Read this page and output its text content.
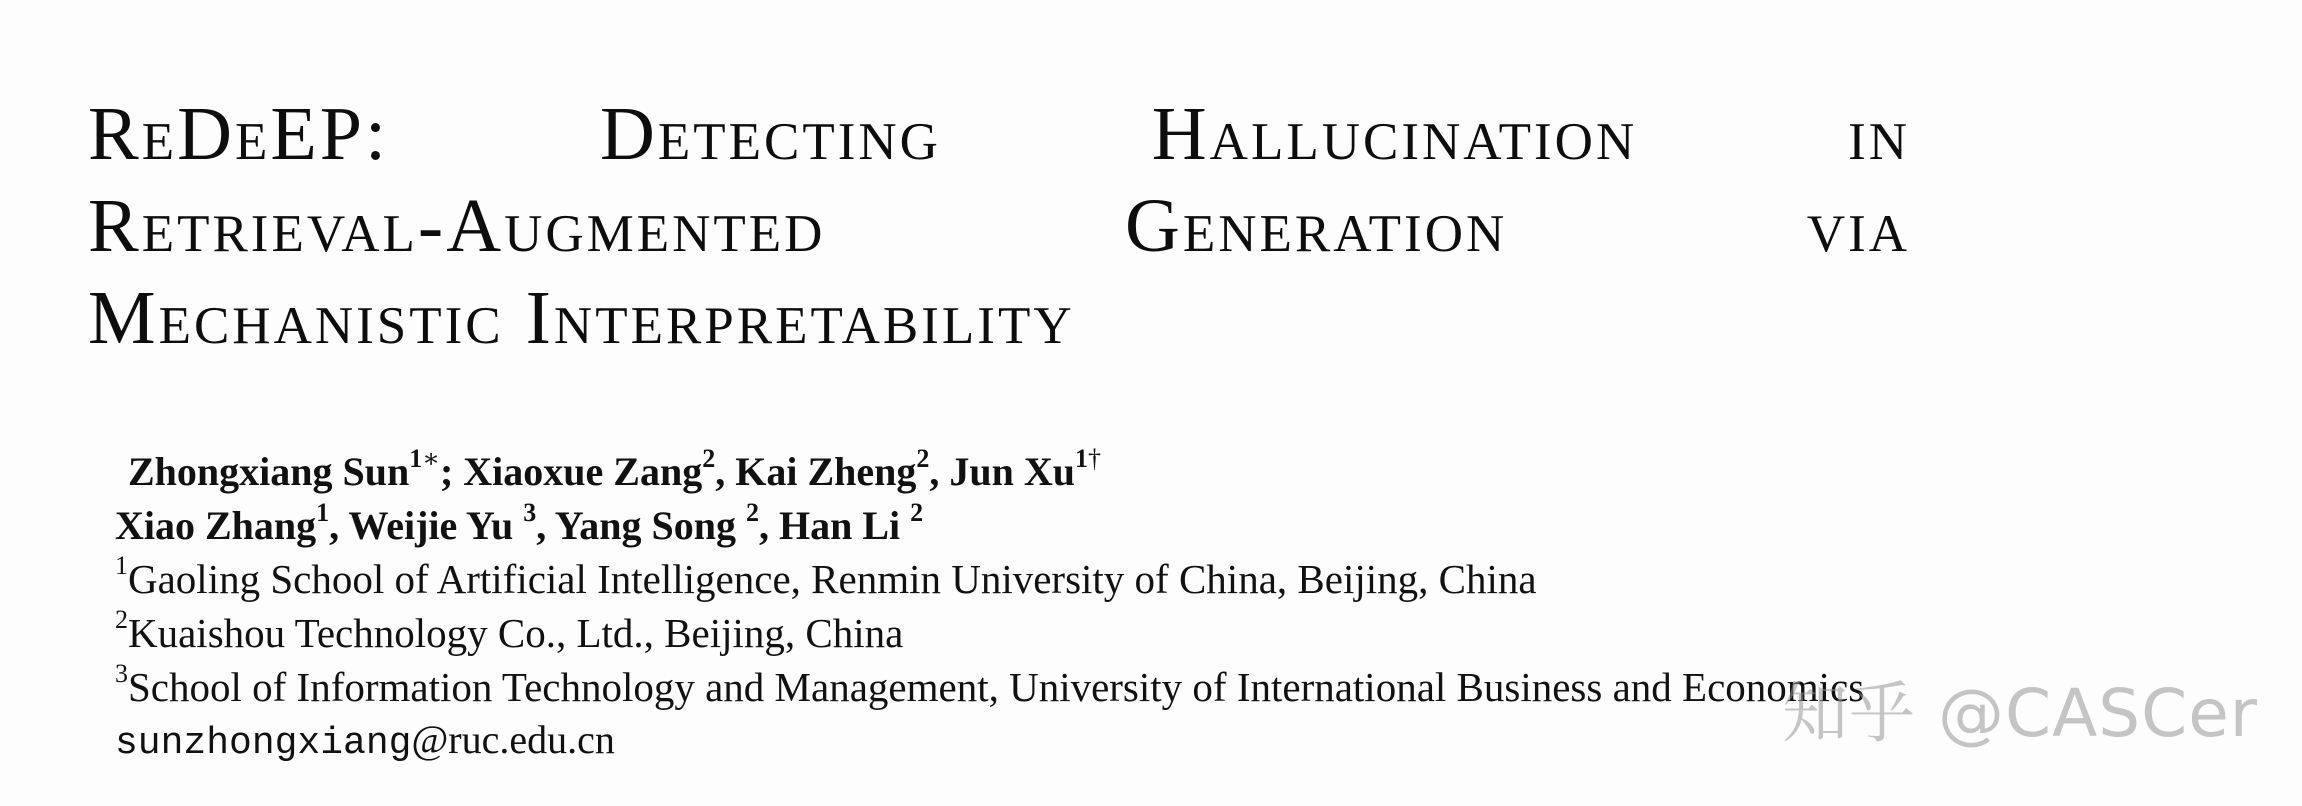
ReDeEP:	Detecting	Hallucination	in
Retrieval-Augmented	Generation	via
Mechanistic Interpretability
Zhongxiang Sun$^{1∗}$; Xiaoxue Zang$^2$, Kai Zheng$^2$, Jun $Xu^{1\dagger}$
Xiao Zhang$^1$, Weijie Yu $^3$, Yang Song $^2$, Han Li $^2$
$^1$Gaoling School of Artificial Intelligence, Renmin University of China, Beijing, China
$^2$Kuaishou Technology Co., Ltd., Beijing, China
$^3$School of Information Technology and Management, University of International Business and Economics
sunzhongxiang@ruc.edu.cn	知乎 @CASCer
